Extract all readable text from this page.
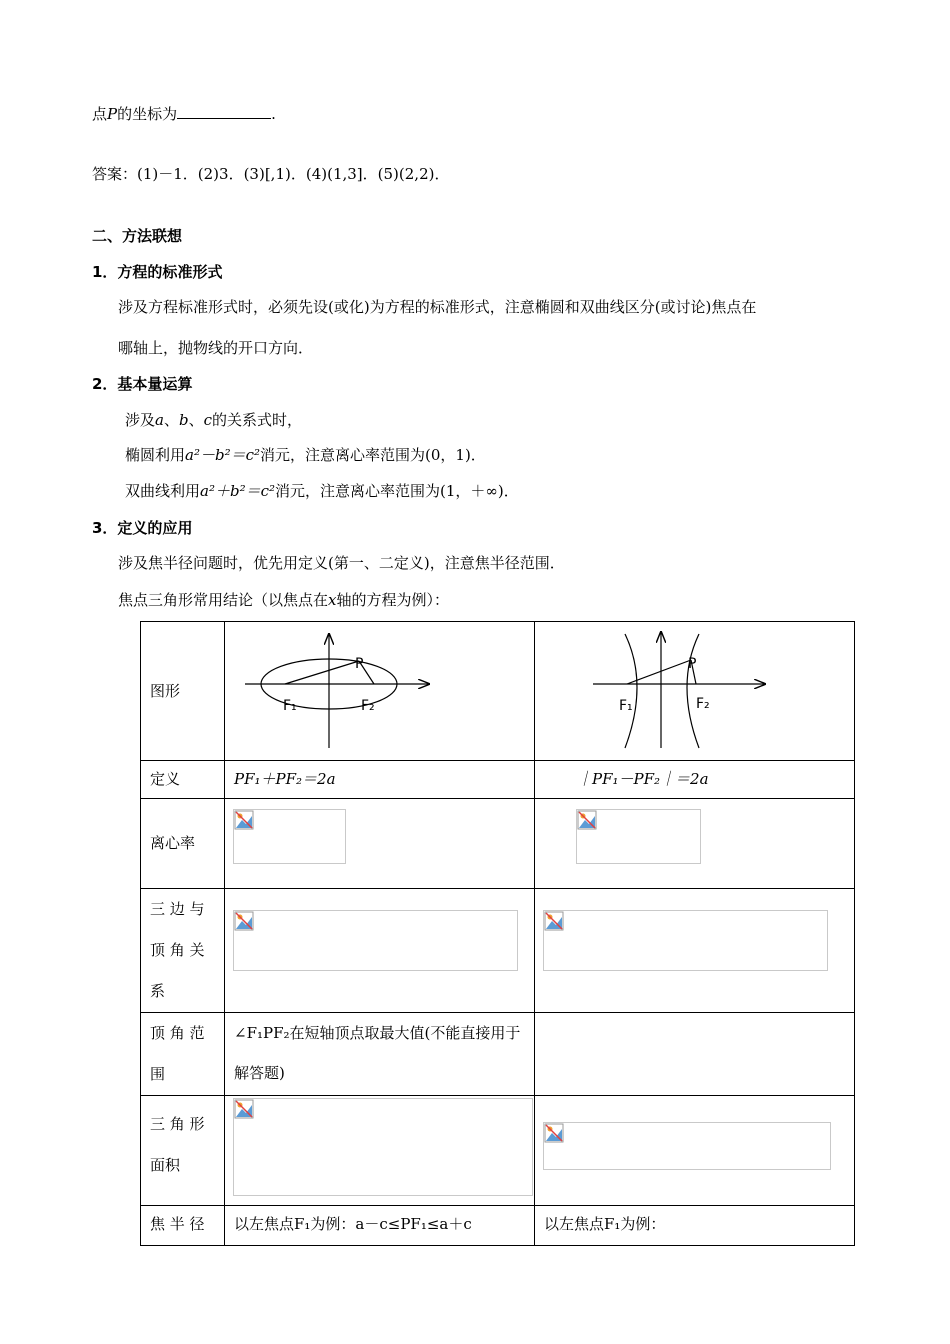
点P的坐标为	.
答案：(1)－1．(2)3．(3)[,1)．(4)(1,3]．(5)(2,2)．
二、方法联想
1．方程的标准形式
涉及方程标准形式时，必须先设(或化)为方程的标准形式，注意椭圆和双曲线区分(或讨论)焦点在
哪轴上，抛物线的开口方向．
2．基本量运算
涉及a、b、c的关系式时，
椭圆利用a²－b²＝c²消元，注意离心率范围为(0，1)．
双曲线利用a²＋b²＝c²消元，注意离心率范围为(1，＋∞)．
3．定义的应用
涉及焦半径问题时，优先用定义(第一、二定义)，注意焦半径范围．
焦点三角形常用结论（以焦点在x轴的方程为例）：
图形	P
F₁ F₂	P
F₁ F₂

定义	PF₁＋PF₂＝2a	｜PF₁－PF₂｜＝2a
离心率	

三 边 与 顶 角 关 系	

顶 角 范 围	∠F₁PF₂在短轴顶点取最大值(不能直接用于解答题)	
三 角 形 面积	

焦 半 径	以左焦点F₁为例：a－c≤PF₁≤a＋c	以左焦点F₁为例：
